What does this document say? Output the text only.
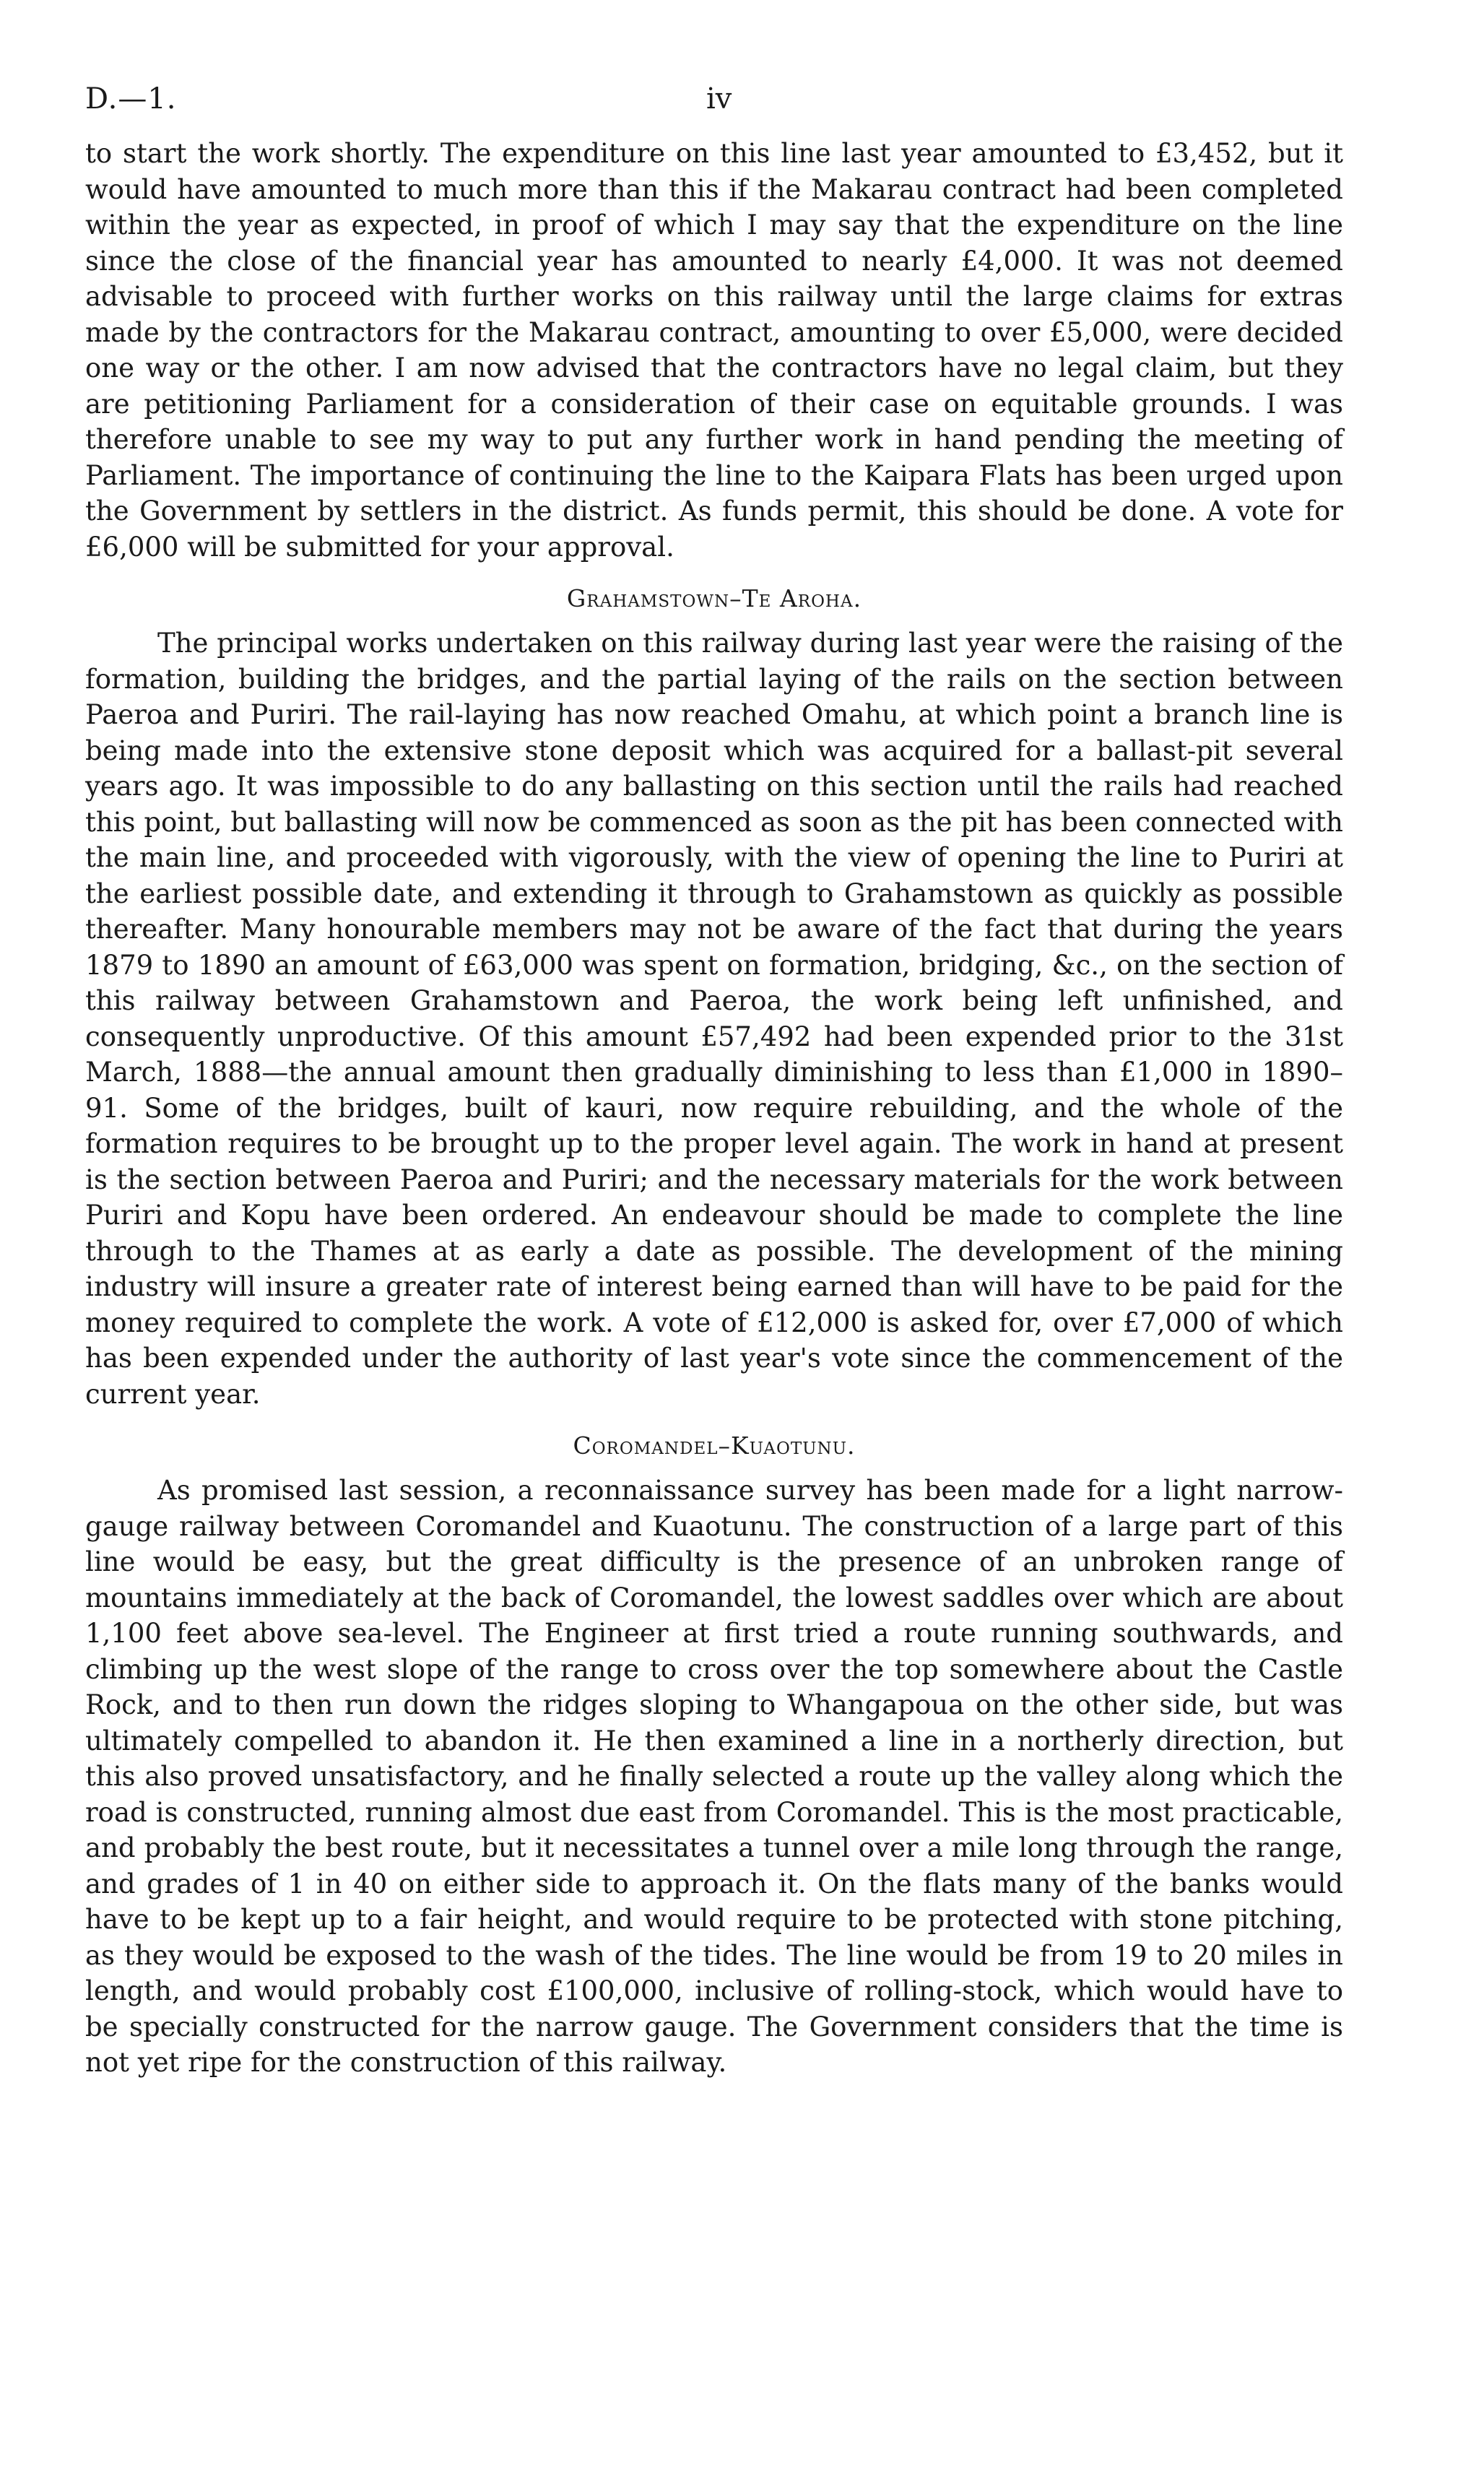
D.—1.	iv

to start the work shortly. The expenditure on this line last year amounted to £3,452, but it would have amounted to much more than this if the Makarau contract had been completed within the year as expected, in proof of which I may say that the expenditure on the line since the close of the financial year has amounted to nearly £4,000. It was not deemed advisable to proceed with further works on this railway until the large claims for extras made by the contractors for the Makarau contract, amounting to over £5,000, were decided one way or the other. I am now advised that the contractors have no legal claim, but they are petitioning Parliament for a consideration of their case on equitable grounds. I was therefore unable to see my way to put any further work in hand pending the meeting of Parliament. The importance of continuing the line to the Kaipara Flats has been urged upon the Government by settlers in the district. As funds permit, this should be done. A vote for £6,000 will be submitted for your approval.

Grahamstown–Te Aroha.

The principal works undertaken on this railway during last year were the raising of the formation, building the bridges, and the partial laying of the rails on the section between Paeroa and Puriri. The rail-laying has now reached Omahu, at which point a branch line is being made into the extensive stone deposit which was acquired for a ballast-pit several years ago. It was impossible to do any ballasting on this section until the rails had reached this point, but ballasting will now be commenced as soon as the pit has been connected with the main line, and proceeded with vigorously, with the view of opening the line to Puriri at the earliest possible date, and extending it through to Grahamstown as quickly as possible thereafter. Many honourable members may not be aware of the fact that during the years 1879 to 1890 an amount of £63,000 was spent on formation, bridging, &c., on the section of this railway between Grahamstown and Paeroa, the work being left unfinished, and consequently unproductive. Of this amount £57,492 had been expended prior to the 31st March, 1888—the annual amount then gradually diminishing to less than £1,000 in 1890–91. Some of the bridges, built of kauri, now require rebuilding, and the whole of the formation requires to be brought up to the proper level again. The work in hand at present is the section between Paeroa and Puriri; and the necessary materials for the work between Puriri and Kopu have been ordered. An endeavour should be made to complete the line through to the Thames at as early a date as possible. The development of the mining industry will insure a greater rate of interest being earned than will have to be paid for the money required to complete the work. A vote of £12,000 is asked for, over £7,000 of which has been expended under the authority of last year's vote since the commencement of the current year.

Coromandel–Kuaotunu.

As promised last session, a reconnaissance survey has been made for a light narrow-gauge railway between Coromandel and Kuaotunu. The construction of a large part of this line would be easy, but the great difficulty is the presence of an unbroken range of mountains immediately at the back of Coromandel, the lowest saddles over which are about 1,100 feet above sea-level. The Engineer at first tried a route running southwards, and climbing up the west slope of the range to cross over the top somewhere about the Castle Rock, and to then run down the ridges sloping to Whangapoua on the other side, but was ultimately compelled to abandon it. He then examined a line in a northerly direction, but this also proved unsatisfactory, and he finally selected a route up the valley along which the road is constructed, running almost due east from Coromandel. This is the most practicable, and probably the best route, but it necessitates a tunnel over a mile long through the range, and grades of 1 in 40 on either side to approach it. On the flats many of the banks would have to be kept up to a fair height, and would require to be protected with stone pitching, as they would be exposed to the wash of the tides. The line would be from 19 to 20 miles in length, and would probably cost £100,000, inclusive of rolling-stock, which would have to be specially constructed for the narrow gauge. The Government considers that the time is not yet ripe for the construction of this railway.
